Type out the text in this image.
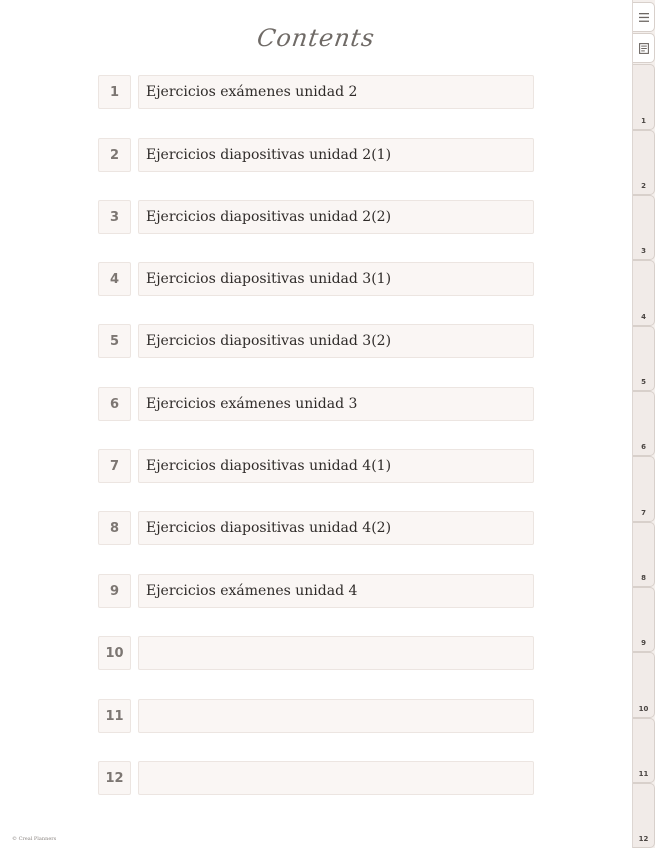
Contents
1	Ejercicios exámenes unidad 2
2	Ejercicios diapositivas unidad 2(1)
3	Ejercicios diapositivas unidad 2(2)
4	Ejercicios diapositivas unidad 3(1)
5	Ejercicios diapositivas unidad 3(2)
6	Ejercicios exámenes unidad 3
7	Ejercicios diapositivas unidad 4(1)
8	Ejercicios diapositivas unidad 4(2)
9	Ejercicios exámenes unidad 4
10
11
12
© Creal Planners
1
2
3
4
5
6
7
8
9
10
11
12
